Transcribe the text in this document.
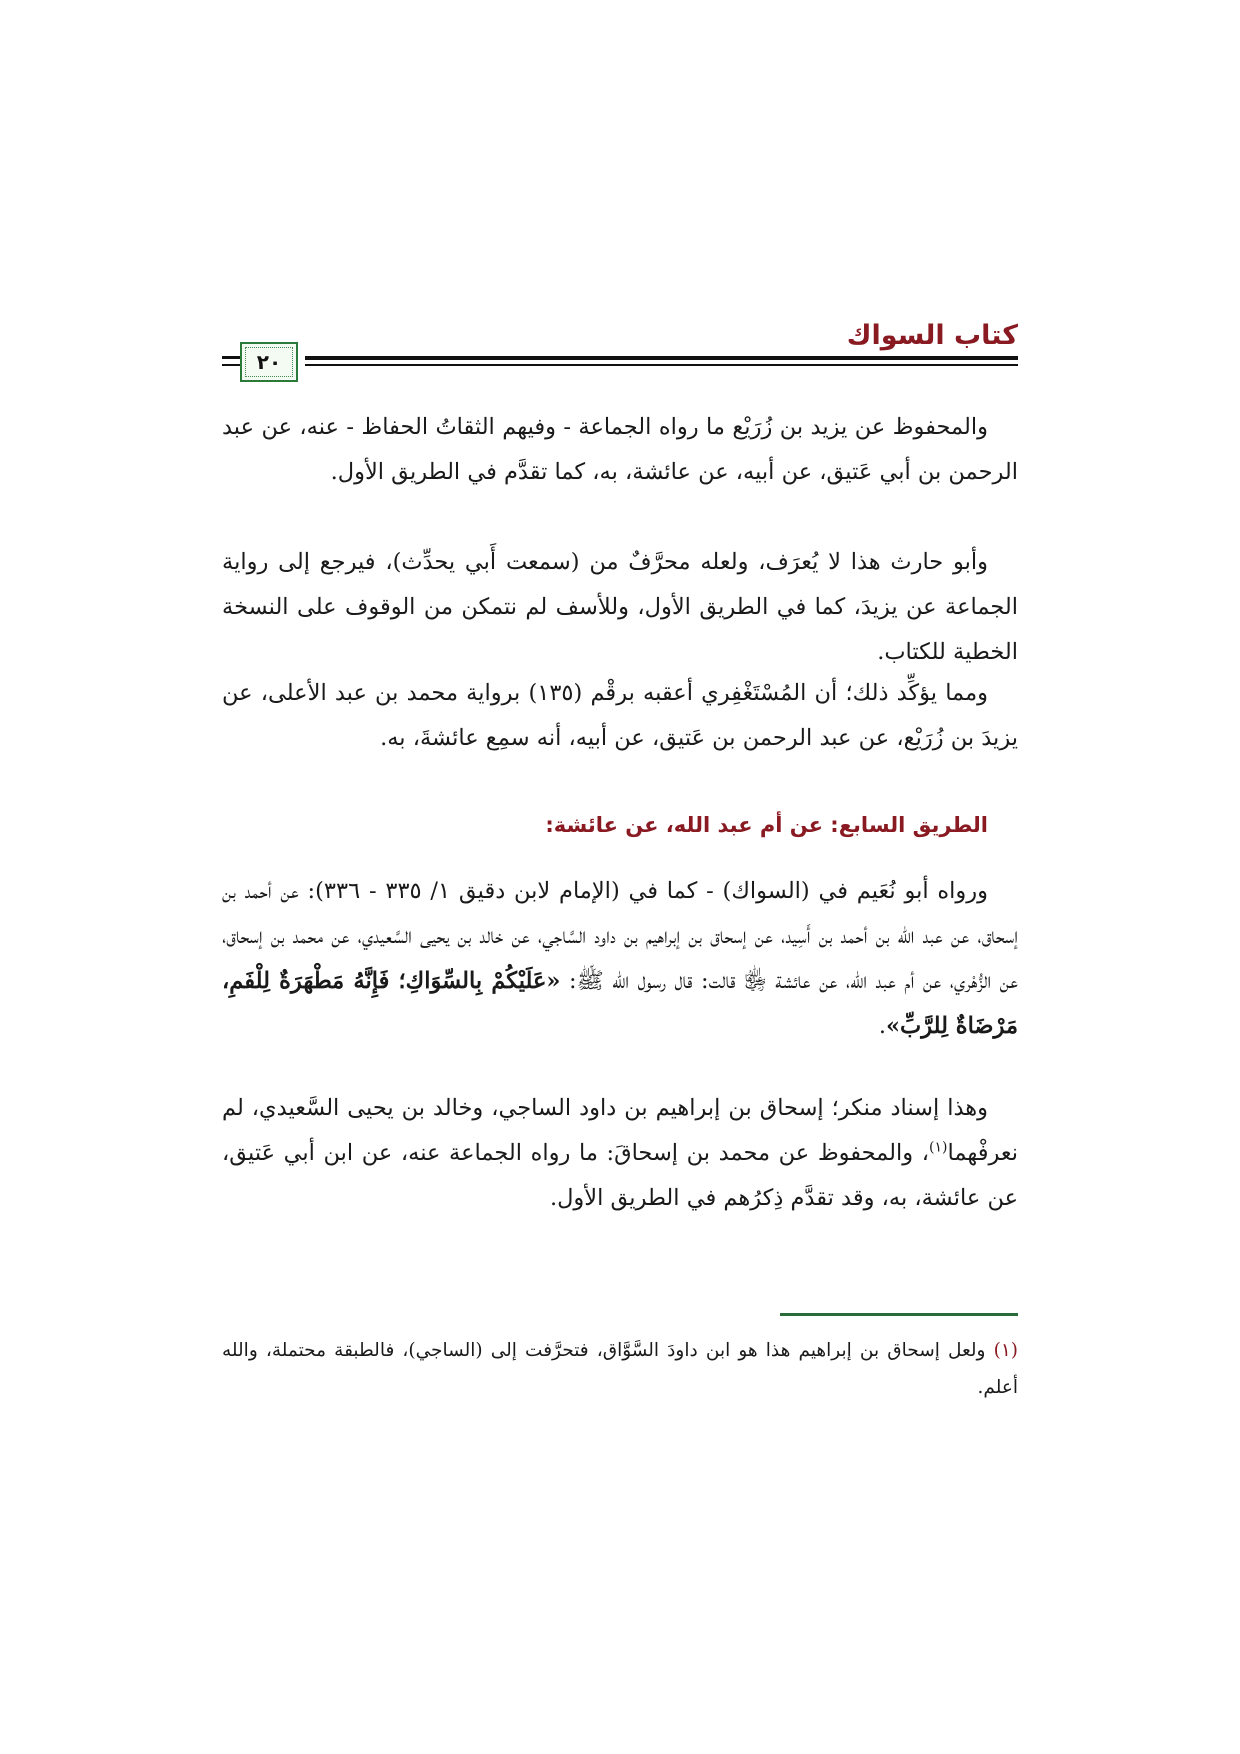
كتاب السواك
٢٠

والمحفوظ عن يزيد بن زُرَيْع ما رواه الجماعة - وفيهم الثقاتُ الحفاظ - عنه، عن عبد الرحمن بن أبي عَتيق، عن أبيه، عن عائشة، به، كما تقدَّم في الطريق الأول.

وأبو حارث هذا لا يُعرَف، ولعله محرَّفٌ من (سمعت أَبي يحدِّث)، فيرجع إلى رواية الجماعة عن يزيدَ، كما في الطريق الأول، وللأسف لم نتمكن من الوقوف على النسخة الخطية للكتاب.

ومما يؤكِّد ذلك؛ أن المُسْتَغْفِري أعقبه برقْم (١٣٥) برواية محمد بن عبد الأعلى، عن يزيدَ بن زُرَيْع، عن عبد الرحمن بن عَتيق، عن أبيه، أنه سمِع عائشةَ، به.

الطريق السابع: عن أم عبد الله، عن عائشة:

ورواه أبو نُعَيم في (السواك) - كما في (الإمام لابن دقيق ١/ ٣٣٥ - ٣٣٦): عن أحمد بن إسحاق، عن عبد الله بن أحمد بن أَسِيد، عن إسحاق بن إبراهيم بن داود السَّاجي، عن خالد بن يحيى السَّعيدي، عن محمد بن إسحاق، عن الزُّهْري، عن أم عبد الله، عن عائشة ﵂ قالت: قال رسول الله ﷺ: «عَلَيْكُمْ بِالسِّوَاكِ؛ فَإِنَّهُ مَطْهَرَةٌ لِلْفَمِ، مَرْضَاةٌ لِلرَّبِّ».

وهذا إسناد منكر؛ إسحاق بن إبراهيم بن داود الساجي، وخالد بن يحيى السَّعيدي، لم نعرفْهما$^{(١)}$، والمحفوظ عن محمد بن إسحاقَ: ما رواه الجماعة عنه، عن ابن أبي عَتيق، عن عائشة، به، وقد تقدَّم ذِكرُهم في الطريق الأول.

(١) ولعل إسحاق بن إبراهيم هذا هو ابن داودَ السَّوَّاق، فتحرَّفت إلى (الساجي)، فالطبقة محتملة، والله أعلم.
